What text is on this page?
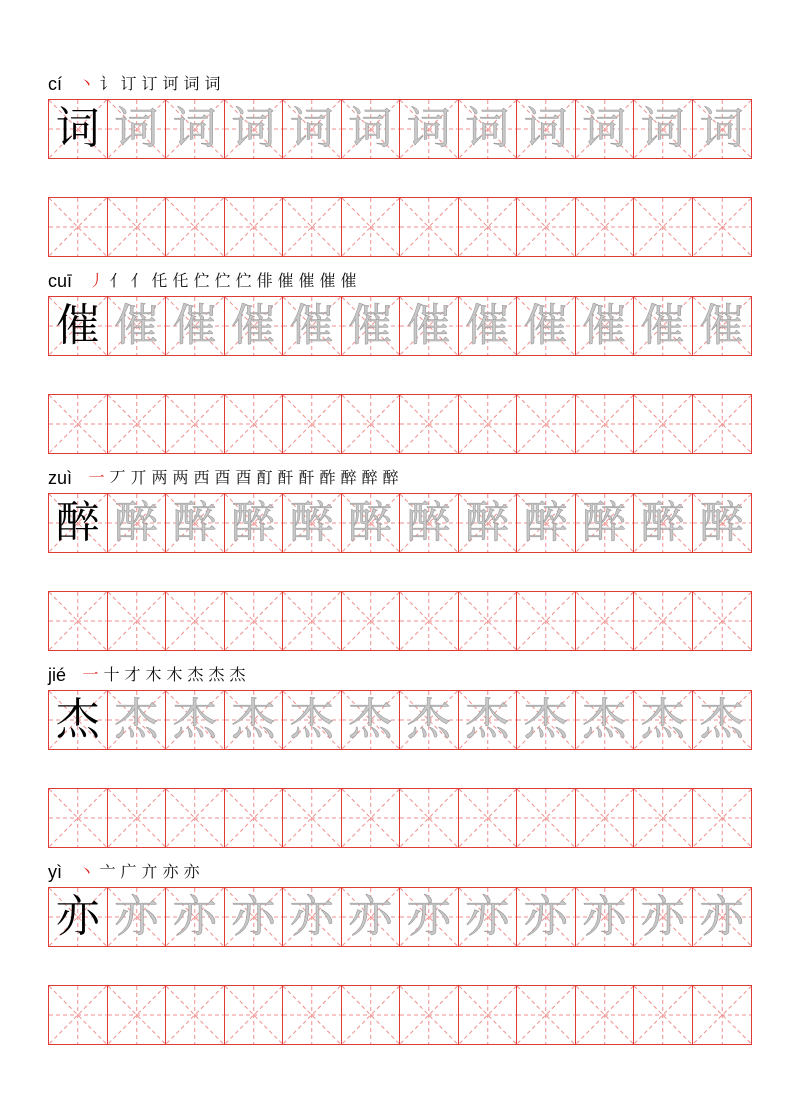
cí 丶 讠 订 订 诃 词 词
词 词 词 词 词 词 词 词 词 词 词 词
cuī 丿 亻 亻 仛 仛 伫 伫 伫 俳 催 催 催 催
催 催 催 催 催 催 催 催 催 催 催 催
zuì 一 丆 丌 两 两 西 酉 酉 酊 酐 酐 酢 醉 醉 醉
醉 醉 醉 醉 醉 醉 醉 醉 醉 醉 醉 醉
jié 一 十 才 木 木 杰 杰 杰
杰 杰 杰 杰 杰 杰 杰 杰 杰 杰 杰 杰
yì 丶 亠 广 亣 亦 亦
亦 亦 亦 亦 亦 亦 亦 亦 亦 亦 亦 亦
